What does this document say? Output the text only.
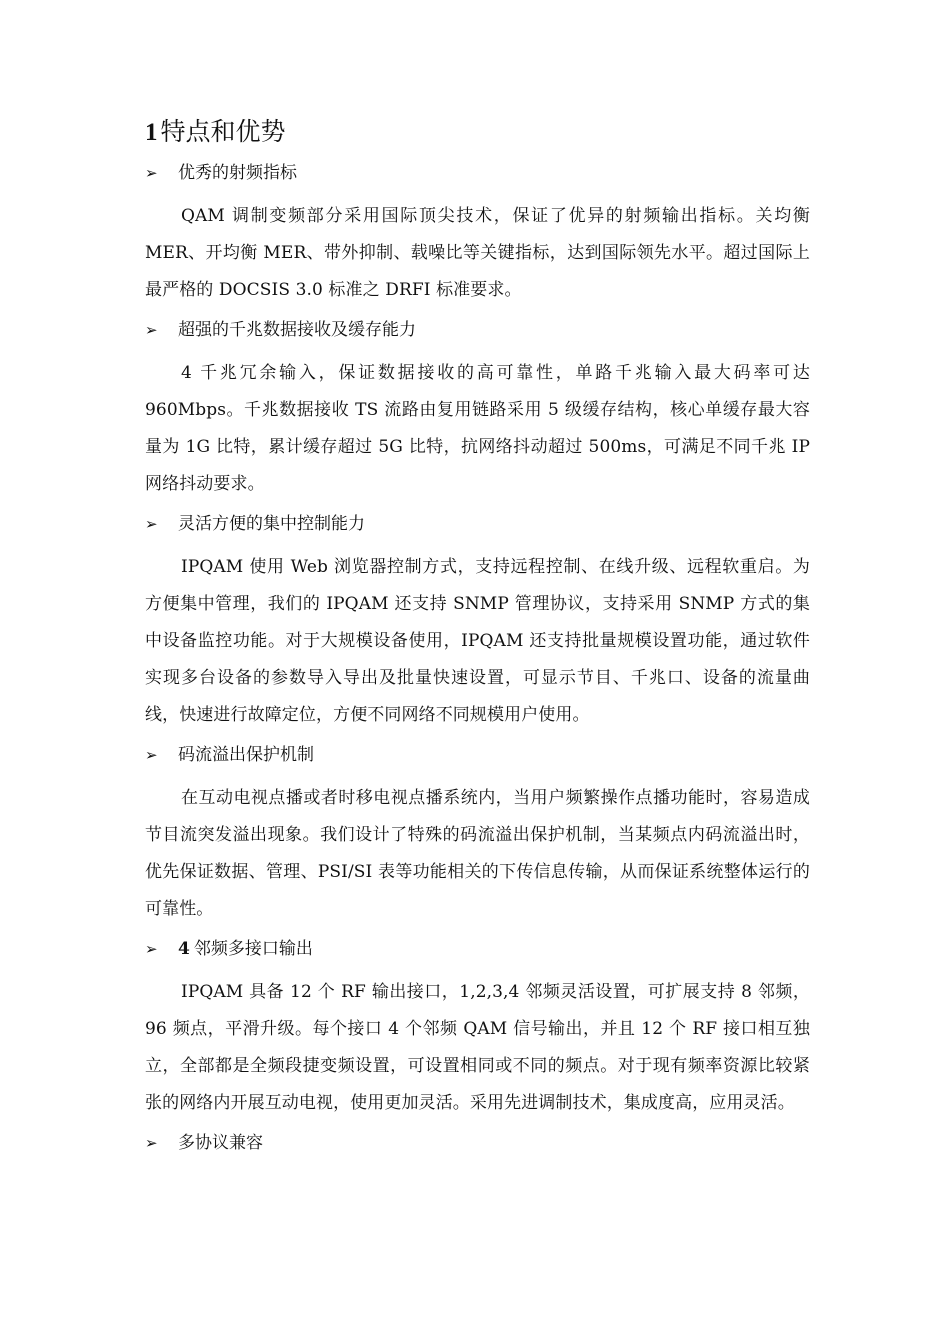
1 特点和优势
➢	优秀的射频指标

QAM 调制变频部分采用国际顶尖技术，保证了优异的射频输出指标。关均衡 MER、开均衡 MER、带外抑制、载噪比等关键指标，达到国际领先水平。超过国际上最严格的 DOCSIS 3.0 标准之 DRFI 标准要求。

➢	超强的千兆数据接收及缓存能力

4 千兆冗余输入，保证数据接收的高可靠性，单路千兆输入最大码率可达 960Mbps。千兆数据接收 TS 流路由复用链路采用 5 级缓存结构，核心单缓存最大容量为 1G 比特，累计缓存超过 5G 比特，抗网络抖动超过 500ms，可满足不同千兆 IP 网络抖动要求。

➢	灵活方便的集中控制能力

IPQAM 使用 Web 浏览器控制方式，支持远程控制、在线升级、远程软重启。为方便集中管理，我们的 IPQAM 还支持 SNMP 管理协议，支持采用 SNMP 方式的集中设备监控功能。对于大规模设备使用，IPQAM 还支持批量规模设置功能，通过软件实现多台设备的参数导入导出及批量快速设置，可显示节目、千兆口、设备的流量曲线，快速进行故障定位，方便不同网络不同规模用户使用。

➢	码流溢出保护机制

在互动电视点播或者时移电视点播系统内，当用户频繁操作点播功能时，容易造成节目流突发溢出现象。我们设计了特殊的码流溢出保护机制，当某频点内码流溢出时，优先保证数据、管理、PSI/SI 表等功能相关的下传信息传输，从而保证系统整体运行的可靠性。

➢	4 邻频多接口输出

IPQAM 具备 12 个 RF 输出接口，1,2,3,4 邻频灵活设置，可扩展支持 8 邻频，96 频点，平滑升级。每个接口 4 个邻频 QAM 信号输出，并且 12 个 RF 接口相互独立，全部都是全频段捷变频设置，可设置相同或不同的频点。对于现有频率资源比较紧张的网络内开展互动电视，使用更加灵活。采用先进调制技术，集成度高，应用灵活。

➢	多协议兼容
